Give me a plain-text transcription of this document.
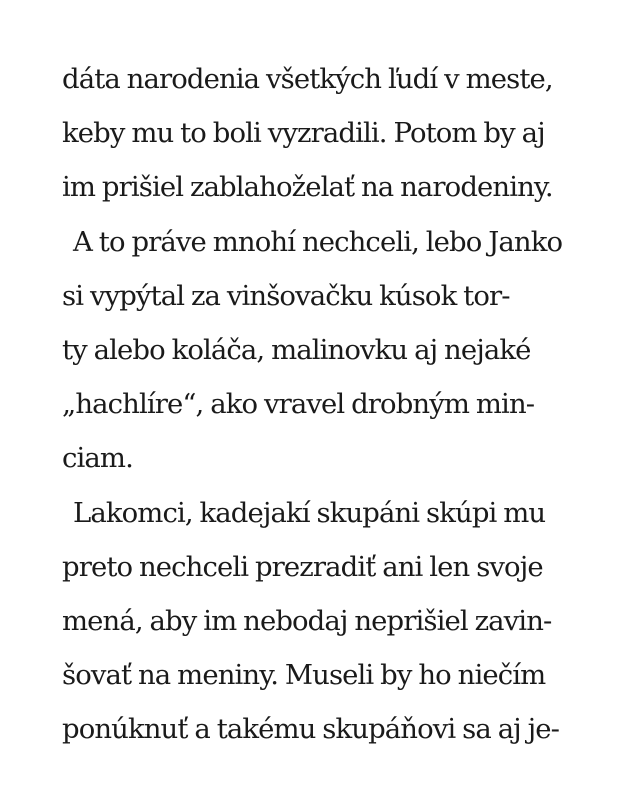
dáta narodenia všetkých ľudí v meste,
keby mu to boli vyzradili. Potom by aj
im prišiel zablahoželať na narodeniny.
A to práve mnohí nechceli, lebo Janko
si vypýtal za vinšovačku kúsok tor-
ty alebo koláča, malinovku aj nejaké
„hachlíre“, ako vravel drobným min-
ciam.
Lakomci, kadejakí skupáni skúpi mu
preto nechceli prezradiť ani len svoje
mená, aby im nebodaj neprišiel zavin-
šovať na meniny. Museli by ho niečím
ponúknuť a takému skupáňovi sa aj je-
